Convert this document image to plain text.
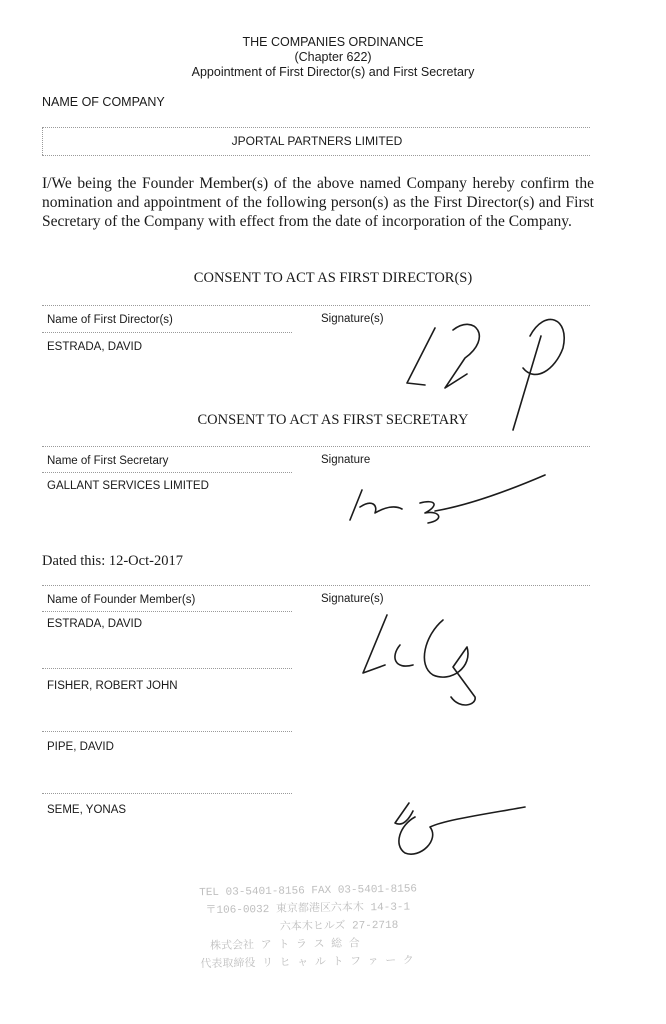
THE COMPANIES ORDINANCE
(Chapter 622)
Appointment of First Director(s) and First Secretary
NAME OF COMPANY
JPORTAL PARTNERS LIMITED
I/We being the Founder Member(s) of the above named Company hereby confirm the nomination and appointment of the following person(s) as the First Director(s) and First Secretary of the Company with effect from the date of incorporation of the Company.
CONSENT TO ACT AS FIRST DIRECTOR(S)
Name of First Director(s)	Signature(s)
ESTRADA, DAVID
CONSENT TO ACT AS FIRST SECRETARY
Name of First Secretary	Signature
GALLANT SERVICES LIMITED
Dated this: 12-Oct-2017
Name of Founder Member(s)	Signature(s)
ESTRADA, DAVID
FISHER, ROBERT JOHN
PIPE, DAVID
SEME, YONAS
TEL 03-5401-8156 FAX 03-5401-8156
〒106-0032 東京都港区六本木 14-3-1
六本木ヒルズ 27-2718
株式会社 ア ト ラ ス 総 合
代表取締役 リ ヒ ャ ル ト フ ァ ー ク
